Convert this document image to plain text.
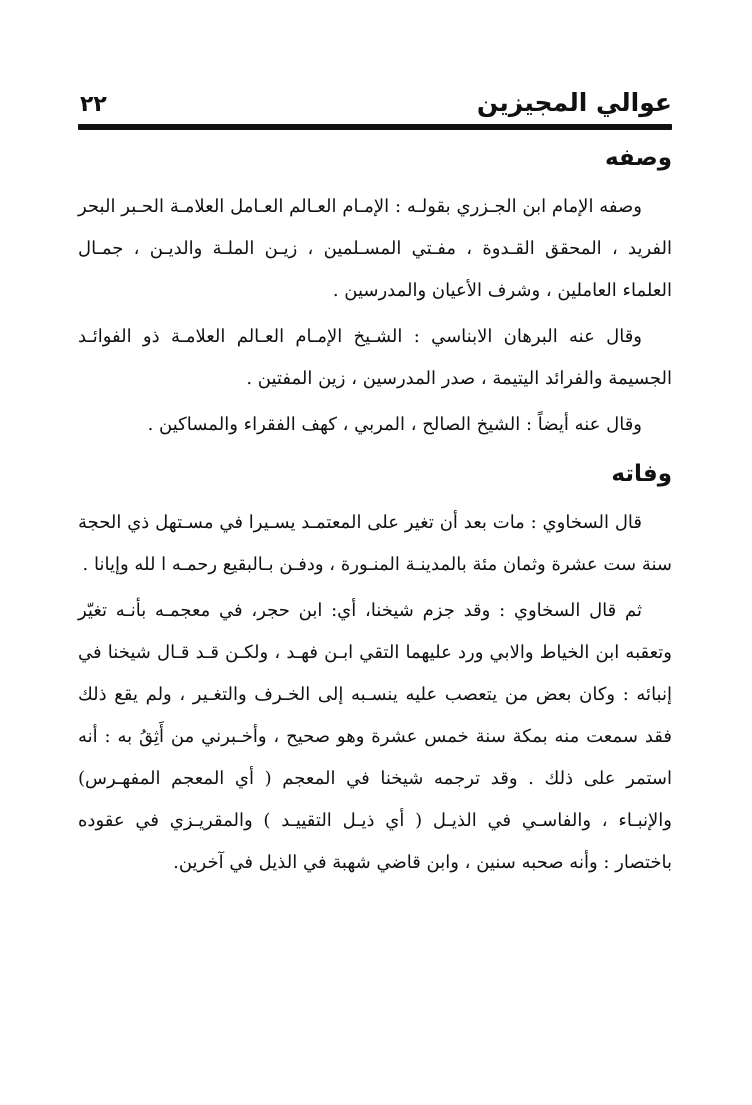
عوالي المجيزين
٢٢
وصفه

وصفه الإمام ابن الجـزري بقولـه : الإمـام العـالم العـامل العلامـة الحـبر البحر الفريد ، المحقق القـدوة ، مفـتي المسـلمين ، زيـن الملـة والديـن ، جمـال العلماء العاملين ، وشرف الأعيان والمدرسين .

وقال عنه البرهان الابناسي : الشـيخ الإمـام العـالم العلامـة ذو الفوائـد الجسيمة والفرائد اليتيمة ، صدر المدرسين ، زين المفتين .

وقال عنه أيضاً : الشيخ الصالح ، المربي ، كهف الفقراء والمساكين .

وفاته

قال السخاوي : مات بعد أن تغير على المعتمـد يسـيرا في مسـتهل ذي الحجة سنة ست عشرة وثمان مئة بالمدينـة المنـورة ، ودفـن بـالبقيع رحمـه ا لله وإيانا .

ثم قال السخاوي : وقد جزم شيخنا، أي: ابن حجر، في معجمـه بأنـه تغيّر وتعقبه ابن الخياط والابي ورد عليهما التقي ابـن فهـد ، ولكـن قـد قـال شيخنا في إنبائه : وكان بعض من يتعصب عليه ينسـبه إلى الخـرف والتغـير ، ولم يقع ذلك فقد سمعت منه بمكة سنة خمس عشرة وهو صحيح ، وأخـبرني من أَثِقُ به : أنه استمر على ذلك . وقد ترجمه شيخنا في المعجم ( أي المعجم المفهـرس) والإنبـاء ، والفاسـي في الذيـل ( أي ذيـل التقييـد ) والمقريـزي في عقوده باختصار : وأنه صحبه سنين ، وابن قاضي شهبة في الذيل في آخرين.
